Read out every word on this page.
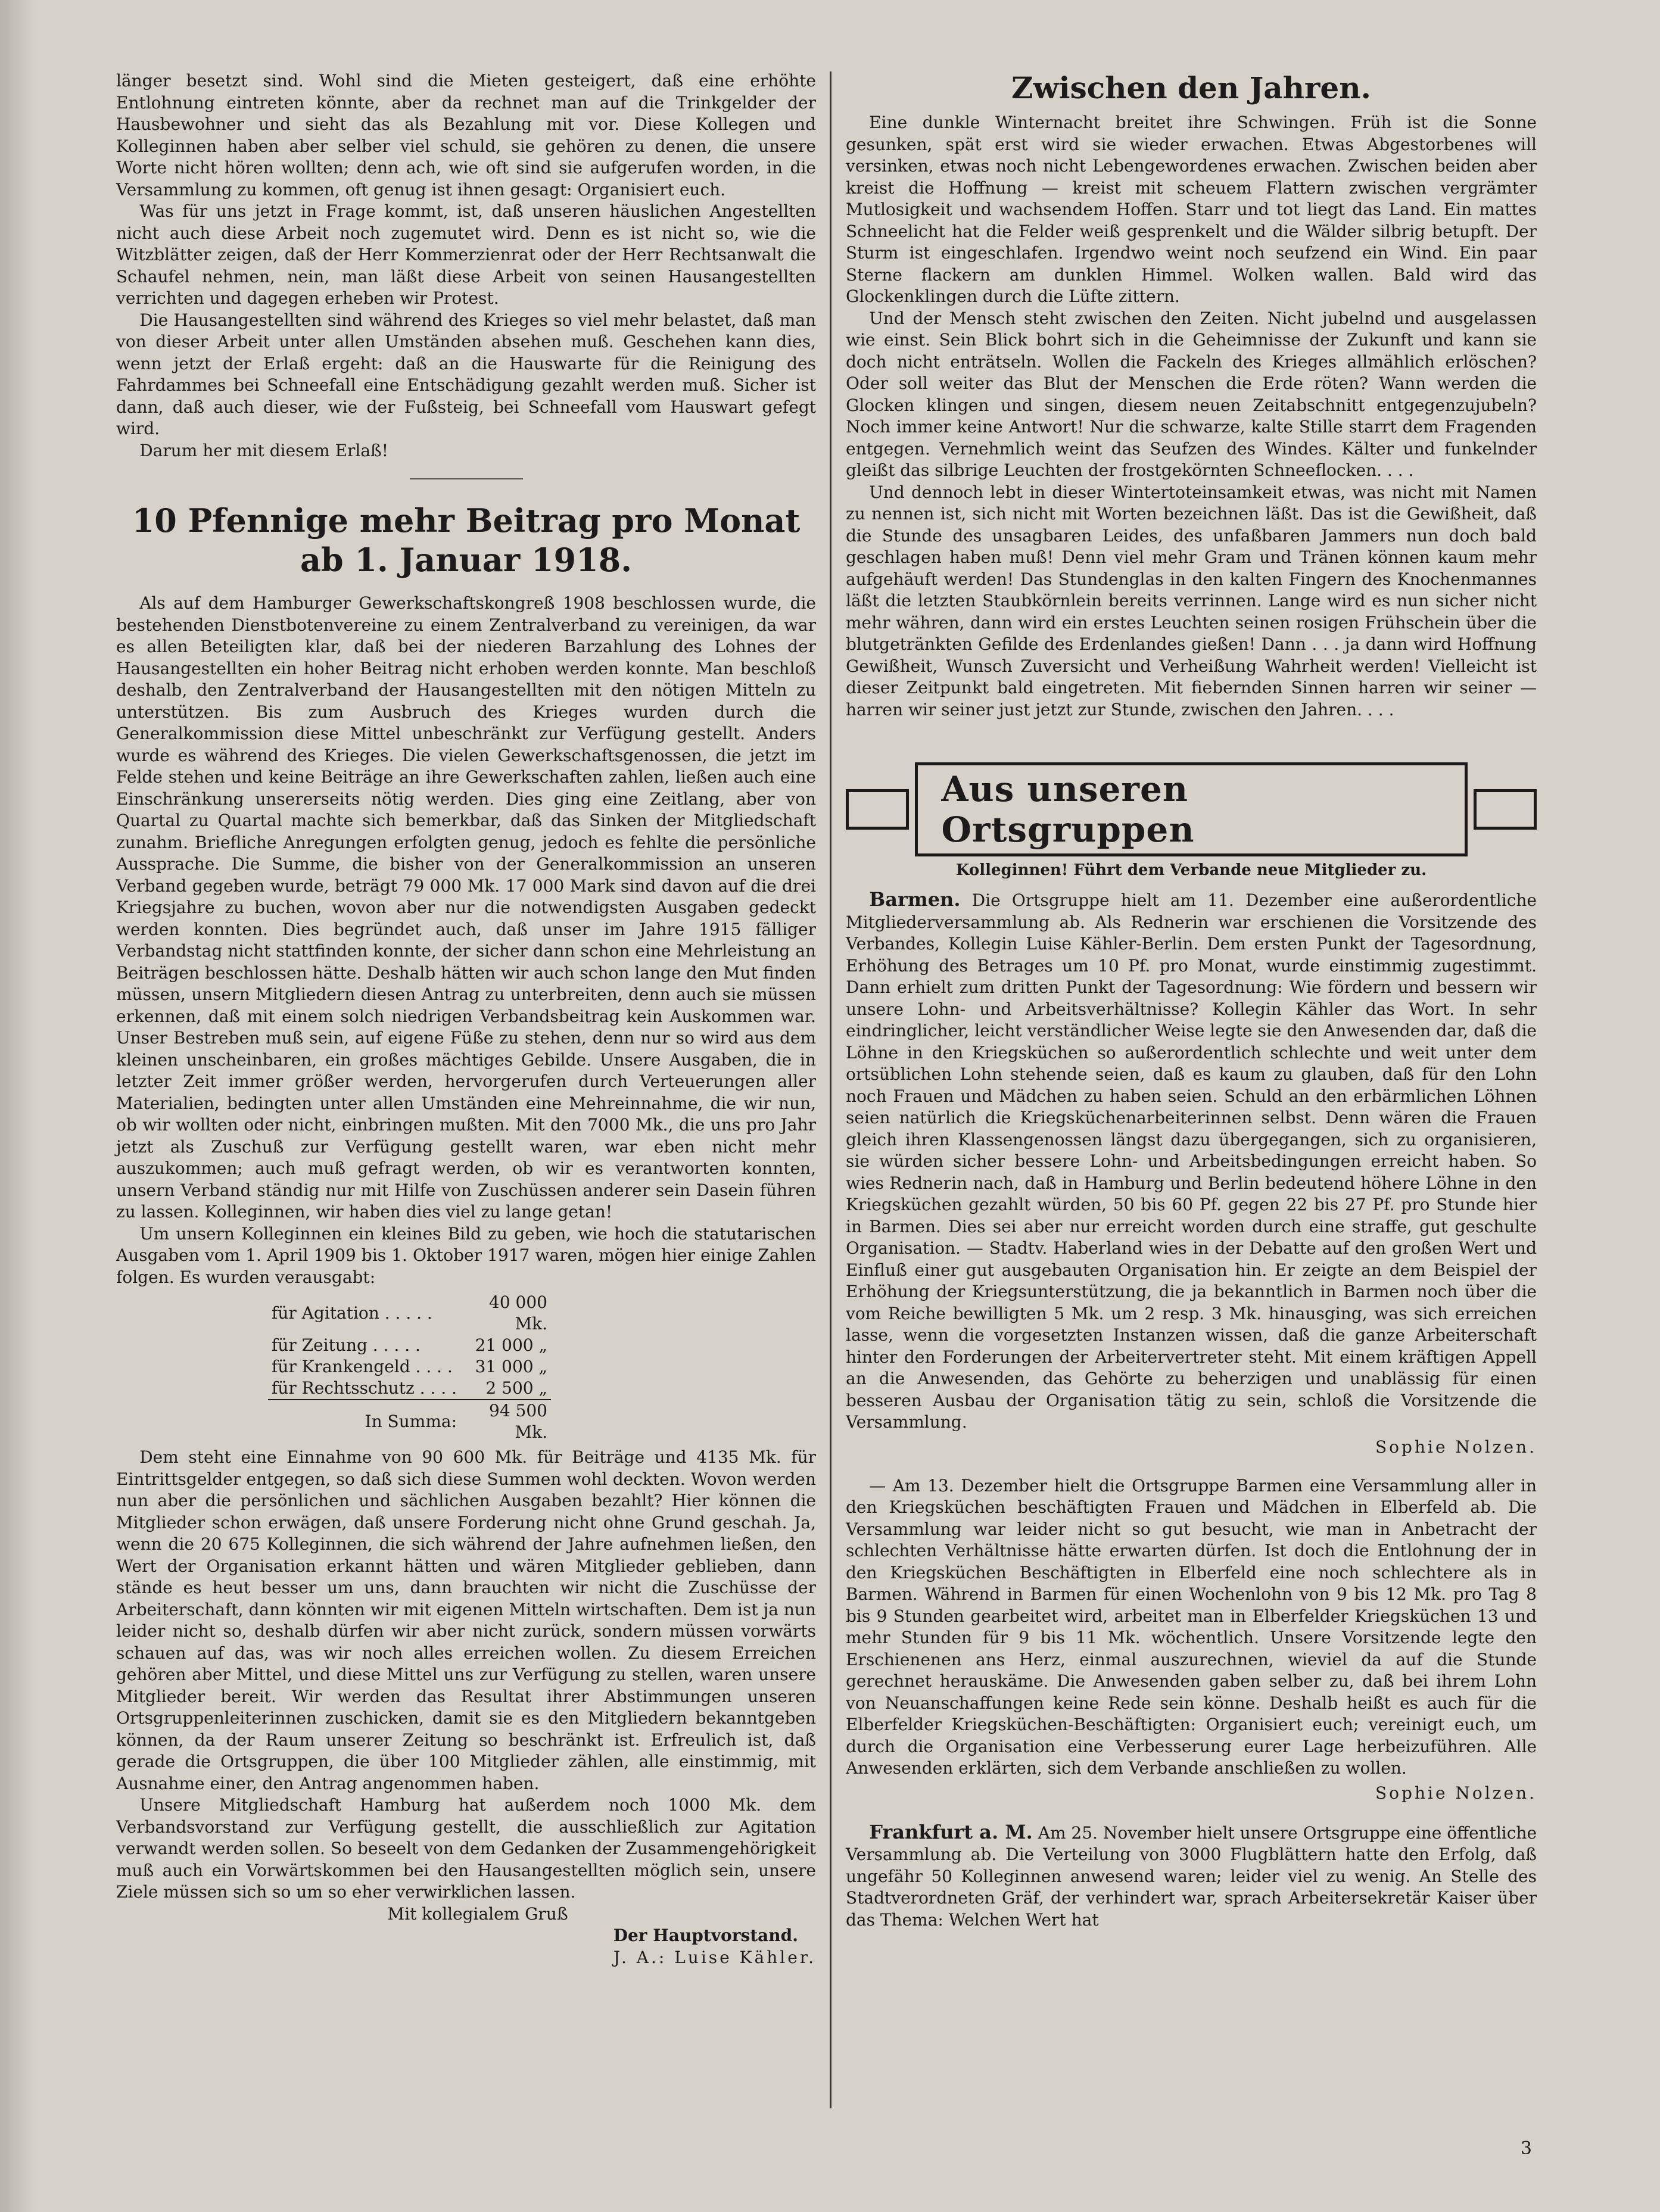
länger besetzt sind. Wohl sind die Mieten gesteigert, daß eine erhöhte Entlohnung eintreten könnte, aber da rechnet man auf die Trinkgelder der Hausbewohner und sieht das als Bezahlung mit vor. Diese Kollegen und Kolleginnen haben aber selber viel schuld, sie gehören zu denen, die unsere Worte nicht hören wollten; denn ach, wie oft sind sie aufgerufen worden, in die Versammlung zu kommen, oft genug ist ihnen gesagt: Organisiert euch.

Was für uns jetzt in Frage kommt, ist, daß unseren häuslichen Angestellten nicht auch diese Arbeit noch zugemutet wird. Denn es ist nicht so, wie die Witzblätter zeigen, daß der Herr Kommerzienrat oder der Herr Rechtsanwalt die Schaufel nehmen, nein, man läßt diese Arbeit von seinen Hausangestellten verrichten und dagegen erheben wir Protest.

Die Hausangestellten sind während des Krieges so viel mehr belastet, daß man von dieser Arbeit unter allen Umständen absehen muß. Geschehen kann dies, wenn jetzt der Erlaß ergeht: daß an die Hauswarte für die Reinigung des Fahrdammes bei Schneefall eine Entschädigung gezahlt werden muß. Sicher ist dann, daß auch dieser, wie der Fußsteig, bei Schneefall vom Hauswart gefegt wird.

Darum her mit diesem Erlaß!

10 Pfennige mehr Beitrag pro Monat ab 1. Januar 1918.

Als auf dem Hamburger Gewerkschaftskongreß 1908 beschlossen wurde, die bestehenden Dienstbotenvereine zu einem Zentralverband zu vereinigen, da war es allen Beteiligten klar, daß bei der niederen Barzahlung des Lohnes der Hausangestellten ein hoher Beitrag nicht erhoben werden konnte. Man beschloß deshalb, den Zentralverband der Hausangestellten mit den nötigen Mitteln zu unterstützen. Bis zum Ausbruch des Krieges wurden durch die Generalkommission diese Mittel unbeschränkt zur Verfügung gestellt. Anders wurde es während des Krieges. Die vielen Gewerkschaftsgenossen, die jetzt im Felde stehen und keine Beiträge an ihre Gewerkschaften zahlen, ließen auch eine Einschränkung unsererseits nötig werden. Dies ging eine Zeitlang, aber von Quartal zu Quartal machte sich bemerkbar, daß das Sinken der Mitgliedschaft zunahm. Briefliche Anregungen erfolgten genug, jedoch es fehlte die persönliche Aussprache. Die Summe, die bisher von der Generalkommission an unseren Verband gegeben wurde, beträgt 79 000 Mk. 17 000 Mark sind davon auf die drei Kriegsjahre zu buchen, wovon aber nur die notwendigsten Ausgaben gedeckt werden konnten. Dies begründet auch, daß unser im Jahre 1915 fälliger Verbandstag nicht stattfinden konnte, der sicher dann schon eine Mehrleistung an Beiträgen beschlossen hätte. Deshalb hätten wir auch schon lange den Mut finden müssen, unsern Mitgliedern diesen Antrag zu unterbreiten, denn auch sie müssen erkennen, daß mit einem solch niedrigen Verbandsbeitrag kein Auskommen war. Unser Bestreben muß sein, auf eigene Füße zu stehen, denn nur so wird aus dem kleinen unscheinbaren, ein großes mächtiges Gebilde. Unsere Ausgaben, die in letzter Zeit immer größer werden, hervorgerufen durch Verteuerungen aller Materialien, bedingten unter allen Umständen eine Mehreinnahme, die wir nun, ob wir wollten oder nicht, einbringen mußten. Mit den 7000 Mk., die uns pro Jahr jetzt als Zuschuß zur Verfügung gestellt waren, war eben nicht mehr auszukommen; auch muß gefragt werden, ob wir es verantworten konnten, unsern Verband ständig nur mit Hilfe von Zuschüssen anderer sein Dasein führen zu lassen. Kolleginnen, wir haben dies viel zu lange getan!

Um unsern Kolleginnen ein kleines Bild zu geben, wie hoch die statutarischen Ausgaben vom 1. April 1909 bis 1. Oktober 1917 waren, mögen hier einige Zahlen folgen. Es wurden verausgabt:

für Agitation . . . . .	40 000 Mk.
für Zeitung . . . . .	21 000 „
für Krankengeld . . . .	31 000 „
für Rechtsschutz . . . .	2 500 „
In Summa:	94 500 Mk.

Dem steht eine Einnahme von 90 600 Mk. für Beiträge und 4135 Mk. für Eintrittsgelder entgegen, so daß sich diese Summen wohl deckten. Wovon werden nun aber die persönlichen und sächlichen Ausgaben bezahlt? Hier können die Mitglieder schon erwägen, daß unsere Forderung nicht ohne Grund geschah. Ja, wenn die 20 675 Kolleginnen, die sich während der Jahre aufnehmen ließen, den Wert der Organisation erkannt hätten und wären Mitglieder geblieben, dann stände es heut besser um uns, dann brauchten wir nicht die Zuschüsse der Arbeiterschaft, dann könnten wir mit eigenen Mitteln wirtschaften. Dem ist ja nun leider nicht so, deshalb dürfen wir aber nicht zurück, sondern müssen vorwärts schauen auf das, was wir noch alles erreichen wollen. Zu diesem Erreichen gehören aber Mittel, und diese Mittel uns zur Verfügung zu stellen, waren unsere Mitglieder bereit. Wir werden das Resultat ihrer Abstimmungen unseren Ortsgruppenleiterinnen zuschicken, damit sie es den Mitgliedern bekanntgeben können, da der Raum unserer Zeitung so beschränkt ist. Erfreulich ist, daß gerade die Ortsgruppen, die über 100 Mitglieder zählen, alle einstimmig, mit Ausnahme einer, den Antrag angenommen haben.

Unsere Mitgliedschaft Hamburg hat außerdem noch 1000 Mk. dem Verbandsvorstand zur Verfügung gestellt, die ausschließlich zur Agitation verwandt werden sollen. So beseelt von dem Gedanken der Zusammengehörigkeit muß auch ein Vorwärtskommen bei den Hausangestellten möglich sein, unsere Ziele müssen sich so um so eher verwirklichen lassen.

Mit kollegialem Gruß

Der Hauptvorstand.

J. A.: Luise Kähler.

Zwischen den Jahren.

Eine dunkle Winternacht breitet ihre Schwingen. Früh ist die Sonne gesunken, spät erst wird sie wieder erwachen. Etwas Abgestorbenes will versinken, etwas noch nicht Lebengewordenes erwachen. Zwischen beiden aber kreist die Hoffnung — kreist mit scheuem Flattern zwischen vergrämter Mutlosigkeit und wachsendem Hoffen. Starr und tot liegt das Land. Ein mattes Schneelicht hat die Felder weiß gesprenkelt und die Wälder silbrig betupft. Der Sturm ist eingeschlafen. Irgendwo weint noch seufzend ein Wind. Ein paar Sterne flackern am dunklen Himmel. Wolken wallen. Bald wird das Glockenklingen durch die Lüfte zittern.

Und der Mensch steht zwischen den Zeiten. Nicht jubelnd und ausgelassen wie einst. Sein Blick bohrt sich in die Geheimnisse der Zukunft und kann sie doch nicht enträtseln. Wollen die Fackeln des Krieges allmählich erlöschen? Oder soll weiter das Blut der Menschen die Erde röten? Wann werden die Glocken klingen und singen, diesem neuen Zeitabschnitt entgegenzujubeln? Noch immer keine Antwort! Nur die schwarze, kalte Stille starrt dem Fragenden entgegen. Vernehmlich weint das Seufzen des Windes. Kälter und funkelnder gleißt das silbrige Leuchten der frostgekörnten Schneeflocken. . . .

Und dennoch lebt in dieser Wintertoteinsamkeit etwas, was nicht mit Namen zu nennen ist, sich nicht mit Worten bezeichnen läßt. Das ist die Gewißheit, daß die Stunde des unsagbaren Leides, des unfaßbaren Jammers nun doch bald geschlagen haben muß! Denn viel mehr Gram und Tränen können kaum mehr aufgehäuft werden! Das Stundenglas in den kalten Fingern des Knochenmannes läßt die letzten Staubkörnlein bereits verrinnen. Lange wird es nun sicher nicht mehr währen, dann wird ein erstes Leuchten seinen rosigen Frühschein über die blutgetränkten Gefilde des Erdenlandes gießen! Dann . . . ja dann wird Hoffnung Gewißheit, Wunsch Zuversicht und Verheißung Wahrheit werden! Vielleicht ist dieser Zeitpunkt bald eingetreten. Mit fiebernden Sinnen harren wir seiner — harren wir seiner just jetzt zur Stunde, zwischen den Jahren. . . .

Aus unseren Ortsgruppen
Kolleginnen! Führt dem Verbande neue Mitglieder zu.

Barmen. Die Ortsgruppe hielt am 11. Dezember eine außerordentliche Mitgliederversammlung ab. Als Rednerin war erschienen die Vorsitzende des Verbandes, Kollegin Luise Kähler-Berlin. Dem ersten Punkt der Tagesordnung, Erhöhung des Betrages um 10 Pf. pro Monat, wurde einstimmig zugestimmt. Dann erhielt zum dritten Punkt der Tagesordnung: Wie fördern und bessern wir unsere Lohn- und Arbeitsverhältnisse? Kollegin Kähler das Wort. In sehr eindringlicher, leicht verständlicher Weise legte sie den Anwesenden dar, daß die Löhne in den Kriegsküchen so außerordentlich schlechte und weit unter dem ortsüblichen Lohn stehende seien, daß es kaum zu glauben, daß für den Lohn noch Frauen und Mädchen zu haben seien. Schuld an den erbärmlichen Löhnen seien natürlich die Kriegsküchenarbeiterinnen selbst. Denn wären die Frauen gleich ihren Klassengenossen längst dazu übergegangen, sich zu organisieren, sie würden sicher bessere Lohn- und Arbeitsbedingungen erreicht haben. So wies Rednerin nach, daß in Hamburg und Berlin bedeutend höhere Löhne in den Kriegsküchen gezahlt würden, 50 bis 60 Pf. gegen 22 bis 27 Pf. pro Stunde hier in Barmen. Dies sei aber nur erreicht worden durch eine straffe, gut geschulte Organisation. — Stadtv. Haberland wies in der Debatte auf den großen Wert und Einfluß einer gut ausgebauten Organisation hin. Er zeigte an dem Beispiel der Erhöhung der Kriegsunterstützung, die ja bekanntlich in Barmen noch über die vom Reiche bewilligten 5 Mk. um 2 resp. 3 Mk. hinausging, was sich erreichen lasse, wenn die vorgesetzten Instanzen wissen, daß die ganze Arbeiterschaft hinter den Forderungen der Arbeitervertreter steht. Mit einem kräftigen Appell an die Anwesenden, das Gehörte zu beherzigen und unablässig für einen besseren Ausbau der Organisation tätig zu sein, schloß die Vorsitzende die Versammlung.

Sophie Nolzen.

— Am 13. Dezember hielt die Ortsgruppe Barmen eine Versammlung aller in den Kriegsküchen beschäftigten Frauen und Mädchen in Elberfeld ab. Die Versammlung war leider nicht so gut besucht, wie man in Anbetracht der schlechten Verhältnisse hätte erwarten dürfen. Ist doch die Entlohnung der in den Kriegsküchen Beschäftigten in Elberfeld eine noch schlechtere als in Barmen. Während in Barmen für einen Wochenlohn von 9 bis 12 Mk. pro Tag 8 bis 9 Stunden gearbeitet wird, arbeitet man in Elberfelder Kriegsküchen 13 und mehr Stunden für 9 bis 11 Mk. wöchentlich. Unsere Vorsitzende legte den Erschienenen ans Herz, einmal auszurechnen, wieviel da auf die Stunde gerechnet herauskäme. Die Anwesenden gaben selber zu, daß bei ihrem Lohn von Neuanschaffungen keine Rede sein könne. Deshalb heißt es auch für die Elberfelder Kriegsküchen-Beschäftigten: Organisiert euch; vereinigt euch, um durch die Organisation eine Verbesserung eurer Lage herbeizuführen. Alle Anwesenden erklärten, sich dem Verbande anschließen zu wollen.

Sophie Nolzen.

Frankfurt a. M. Am 25. November hielt unsere Ortsgruppe eine öffentliche Versammlung ab. Die Verteilung von 3000 Flugblättern hatte den Erfolg, daß ungefähr 50 Kolleginnen anwesend waren; leider viel zu wenig. An Stelle des Stadtverordneten Gräf, der verhindert war, sprach Arbeitersekretär Kaiser über das Thema: Welchen Wert hat

3
